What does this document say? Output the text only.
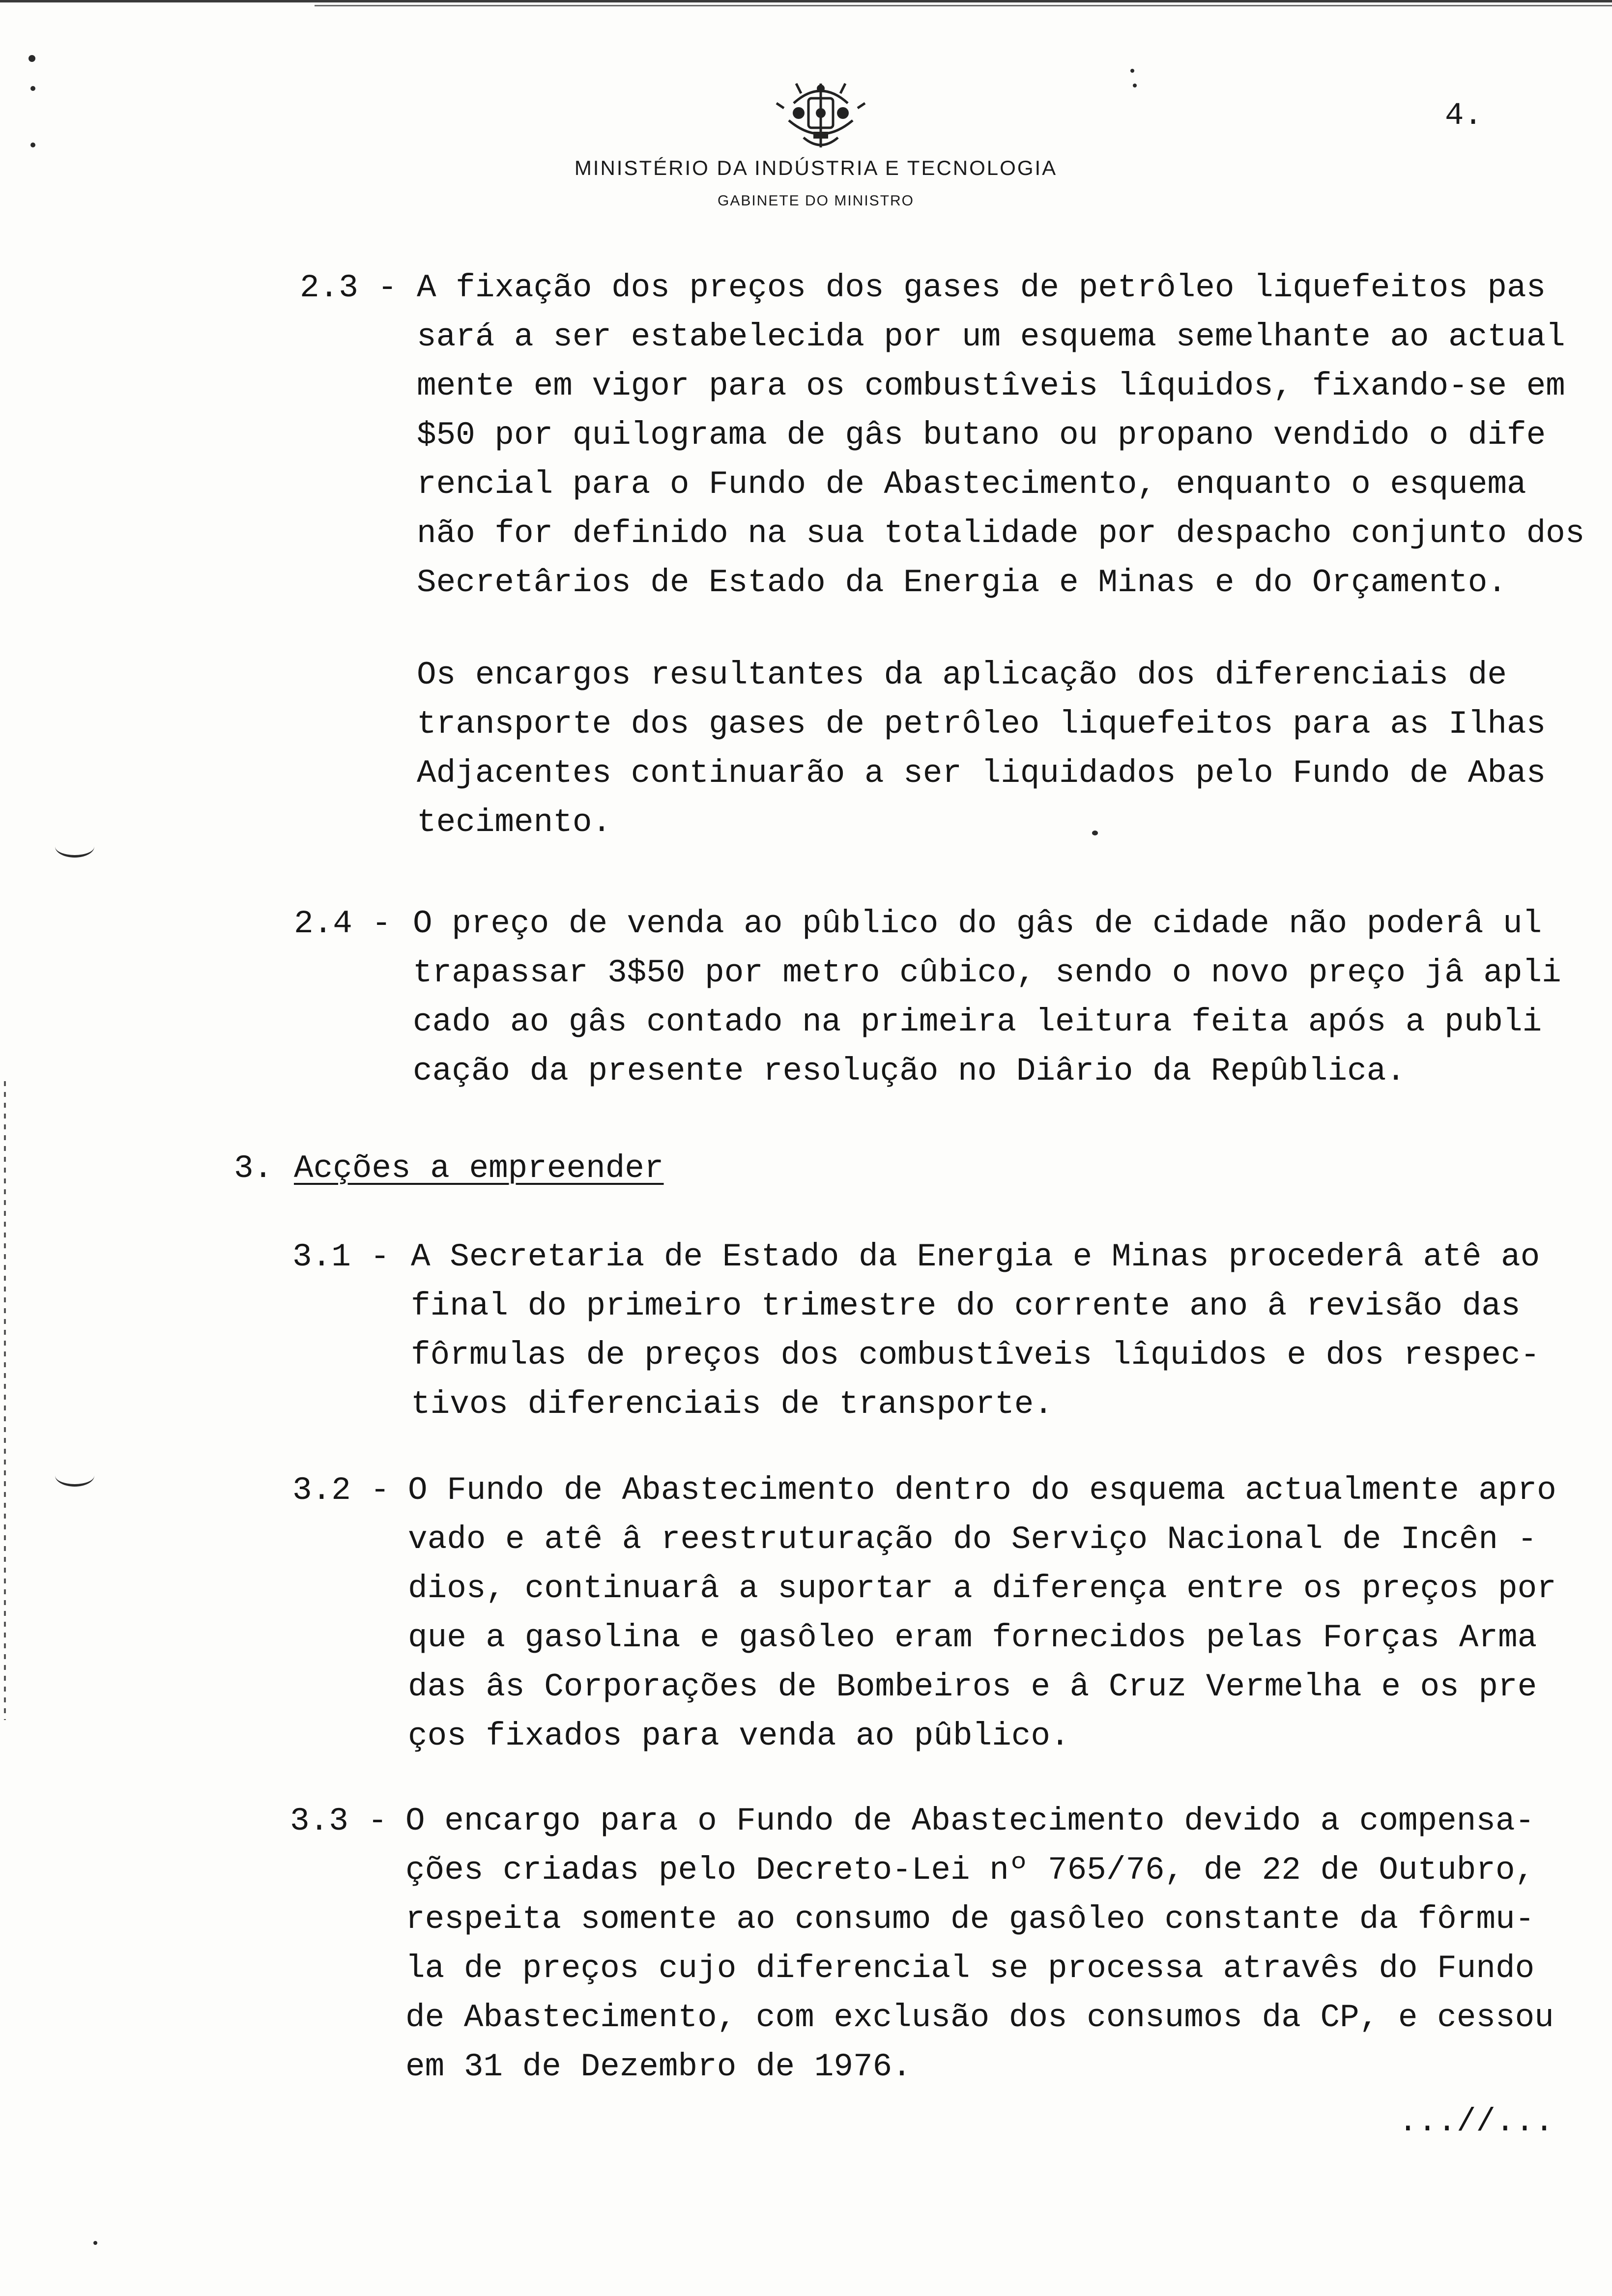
MINISTÉRIO DA INDÚSTRIA E TECNOLOGIA
GABINETE DO MINISTRO
4.
2.3 - A fixação dos preços dos gases de petrôleo liquefeitos pas
sará a ser estabelecida por um esquema semelhante ao actual
mente em vigor para os combustîveis lîquidos, fixando-se em
$50 por quilograma de gâs butano ou propano vendido o dife
rencial para o Fundo de Abastecimento, enquanto o esquema
não for definido na sua totalidade por despacho conjunto dos
Secretârios de Estado da Energia e Minas e do Orçamento.
Os encargos resultantes da aplicação dos diferenciais de
transporte dos gases de petrôleo liquefeitos para as Ilhas
Adjacentes continuarão a ser liquidados pelo Fundo de Abas
tecimento.
2.4 - O preço de venda ao pûblico do gâs de cidade não poderâ ul
trapassar 3$50 por metro cûbico, sendo o novo preço jâ apli
cado ao gâs contado na primeira leitura feita após a publi
cação da presente resolução no Diârio da Repûblica.
3. Acções a empreender
3.1 - A Secretaria de Estado da Energia e Minas procederâ atê ao
final do primeiro trimestre do corrente ano â revisão das
fôrmulas de preços dos combustîveis lîquidos e dos respec-
tivos diferenciais de transporte.
3.2 - O Fundo de Abastecimento dentro do esquema actualmente apro
vado e atê â reestruturação do Serviço Nacional de Incên -
dios, continuarâ a suportar a diferença entre os preços por
que a gasolina e gasôleo eram fornecidos pelas Forças Arma
das âs Corporações de Bombeiros e â Cruz Vermelha e os pre
ços fixados para venda ao pûblico.
3.3 - O encargo para o Fundo de Abastecimento devido a compensa-
ções criadas pelo Decreto-Lei nº 765/76, de 22 de Outubro,
respeita somente ao consumo de gasôleo constante da fôrmu-
la de preços cujo diferencial se processa atravês do Fundo
de Abastecimento, com exclusão dos consumos da CP, e cessou
em 31 de Dezembro de 1976.
...//...
